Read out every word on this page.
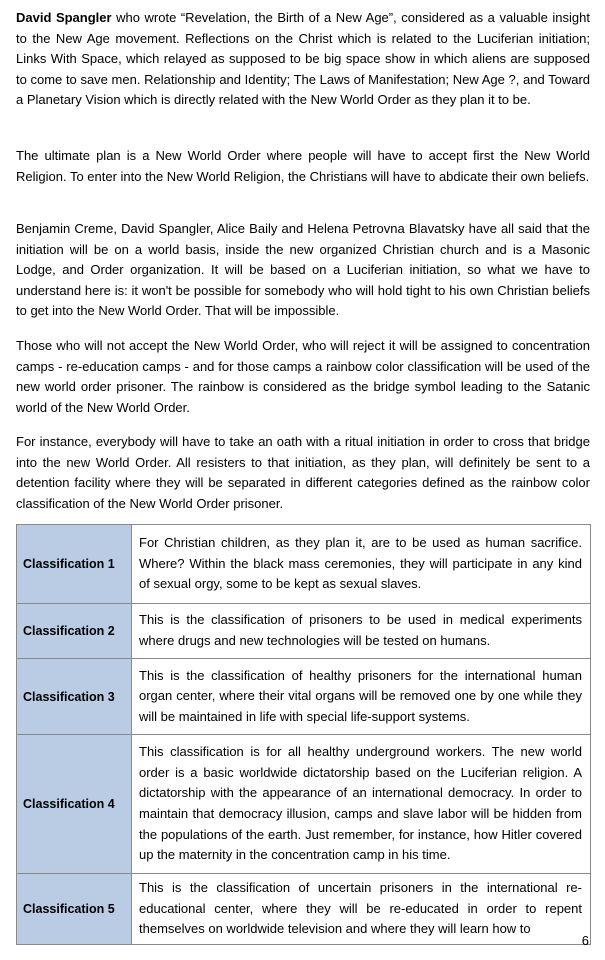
David Spangler who wrote “Revelation, the Birth of a New Age”, considered as a valuable insight to the New Age movement. Reflections on the Christ which is related to the Luciferian initiation; Links With Space, which relayed as supposed to be big space show in which aliens are supposed to come to save men. Relationship and Identity; The Laws of Manifestation; New Age ?, and Toward a Planetary Vision which is directly related with the New World Order as they plan it to be.

The ultimate plan is a New World Order where people will have to accept first the New World Religion. To enter into the New World Religion, the Christians will have to abdicate their own beliefs.

Benjamin Creme, David Spangler, Alice Baily and Helena Petrovna Blavatsky have all said that the initiation will be on a world basis, inside the new organized Christian church and is a Masonic Lodge, and Order organization. It will be based on a Luciferian initiation, so what we have to understand here is: it won't be possible for somebody who will hold tight to his own Christian beliefs to get into the New World Order. That will be impossible.

Those who will not accept the New World Order, who will reject it will be assigned to concentration camps - re-education camps - and for those camps a rainbow color classification will be used of the new world order prisoner. The rainbow is considered as the bridge symbol leading to the Satanic world of the New World Order.

For instance, everybody will have to take an oath with a ritual initiation in order to cross that bridge into the new World Order. All resisters to that initiation, as they plan, will definitely be sent to a detention facility where they will be separated in different categories defined as the rainbow color classification of the New World Order prisoner.

Classification 1	For Christian children, as they plan it, are to be used as human sacrifice. Where? Within the black mass ceremonies, they will participate in any kind of sexual orgy, some to be kept as sexual slaves.
Classification 2	This is the classification of prisoners to be used in medical experiments where drugs and new technologies will be tested on humans.
Classification 3	This is the classification of healthy prisoners for the international human organ center, where their vital organs will be removed one by one while they will be maintained in life with special life-support systems.
Classification 4	This classification is for all healthy underground workers. The new world order is a basic worldwide dictatorship based on the Luciferian religion. A dictatorship with the appearance of an international democracy. In order to maintain that democracy illusion, camps and slave labor will be hidden from the populations of the earth. Just remember, for instance, how Hitler covered up the maternity in the concentration camp in his time.
Classification 5	This is the classification of uncertain prisoners in the international re-educational center, where they will be re-educated in order to repent themselves on worldwide television and where they will learn how to
6
